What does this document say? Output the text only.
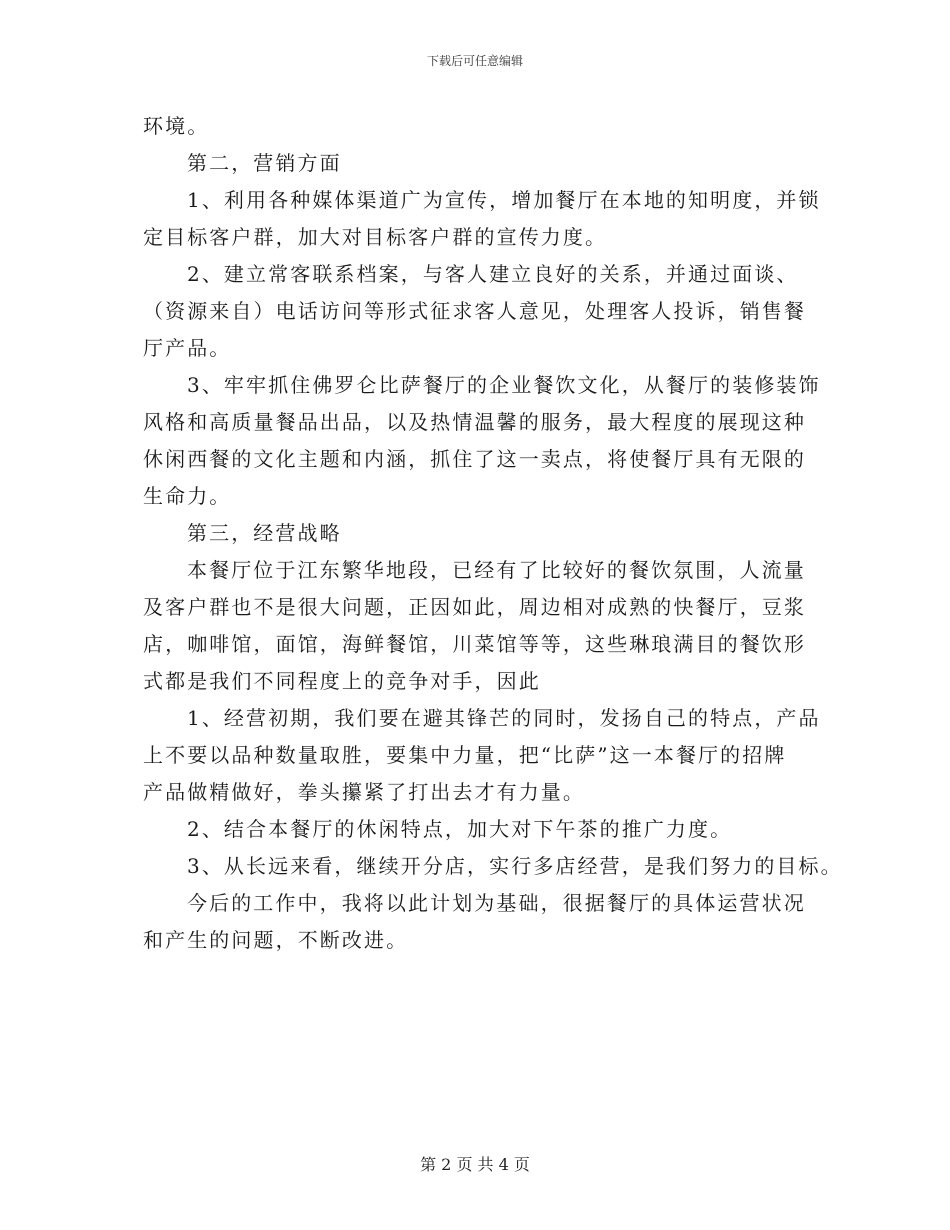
下载后可任意编辑
环境。
第二，营销方面
1、利用各种媒体渠道广为宣传，增加餐厅在本地的知明度，并锁
定目标客户群，加大对目标客户群的宣传力度。
2、建立常客联系档案，与客人建立良好的关系，并通过面谈、
（资源来自）电话访问等形式征求客人意见，处理客人投诉，销售餐
厅产品。
3、牢牢抓住佛罗仑比萨餐厅的企业餐饮文化，从餐厅的装修装饰
风格和高质量餐品出品，以及热情温馨的服务，最大程度的展现这种
休闲西餐的文化主题和内涵，抓住了这一卖点，将使餐厅具有无限的
生命力。
第三，经营战略
本餐厅位于江东繁华地段，已经有了比较好的餐饮氛围，人流量
及客户群也不是很大问题，正因如此，周边相对成熟的快餐厅，豆浆
店，咖啡馆，面馆，海鲜餐馆，川菜馆等等，这些琳琅满目的餐饮形
式都是我们不同程度上的竞争对手，因此
1、经营初期，我们要在避其锋芒的同时，发扬自己的特点，产品
上不要以品种数量取胜，要集中力量，把“比萨”这一本餐厅的招牌
产品做精做好，拳头攥紧了打出去才有力量。
2、结合本餐厅的休闲特点，加大对下午茶的推广力度。
3、从长远来看，继续开分店，实行多店经营，是我们努力的目标。
今后的工作中，我将以此计划为基础，很据餐厅的具体运营状况
和产生的问题，不断改进。
第 2 页 共 4 页
